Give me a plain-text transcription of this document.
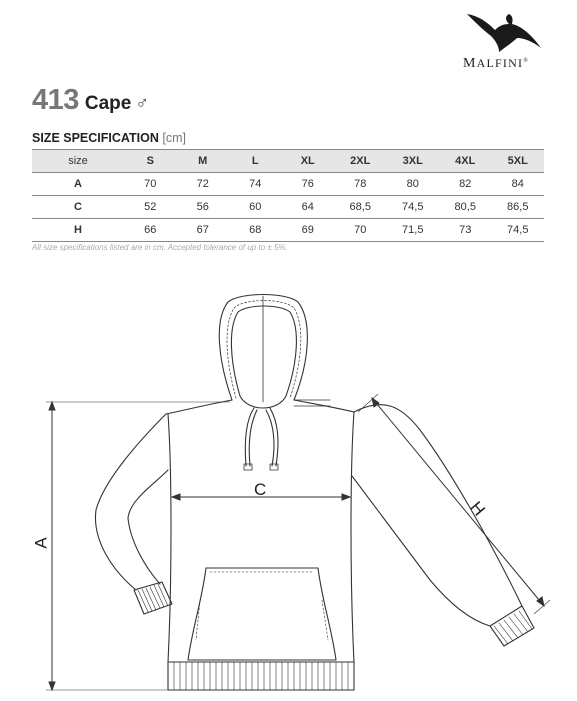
MALFINI®
413 Cape ♂
SIZE SPECIFICATION [cm]
size	S	M	L	XL	2XL	3XL	4XL	5XL
A	70	72	74	76	78	80	82	84
C	52	56	60	64	68,5	74,5	80,5	86,5
H	66	67	68	69	70	71,5	73	74,5
All size specifications listed are in cm. Accepted tolerance of up to ± 5%.
A
C
H
